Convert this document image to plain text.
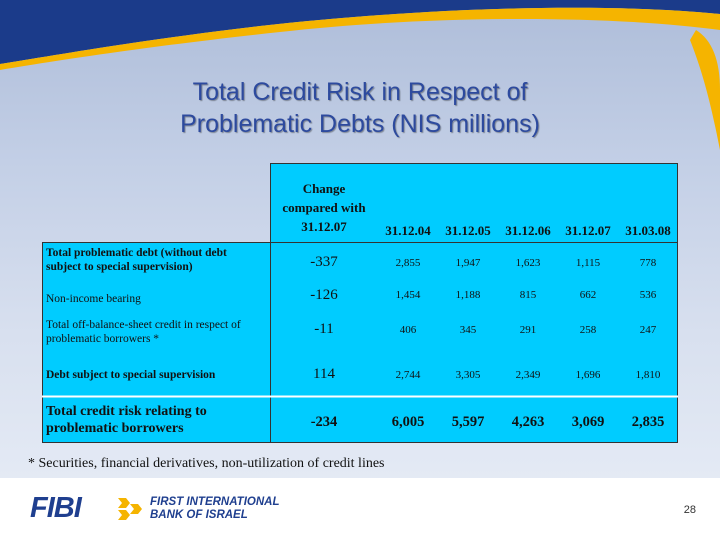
Total Credit Risk in Respect of
Problematic Debts (NIS millions)
Change
compared with
31.12.07	31.12.04	31.12.05	31.12.06	31.12.07	31.03.08
Total problematic debt (without debt
subject to special supervision)	-337	2,855	1,947	1,623	1,115	778
Non-income bearing	-126	1,454	1,188	815	662	536
Total off-balance-sheet credit in respect of
problematic borrowers *
-11	406	345	291	258	247
Debt subject to special supervision	114	2,744	3,305	2,349	1,696	1,810
Total credit risk relating to
problematic borrowers	-234	6,005	5,597	4,263	3,069	2,835
* Securities, financial derivatives, non-utilization of credit lines
FIBI	FIRST INTERNATIONAL
BANK OF ISRAEL	28
